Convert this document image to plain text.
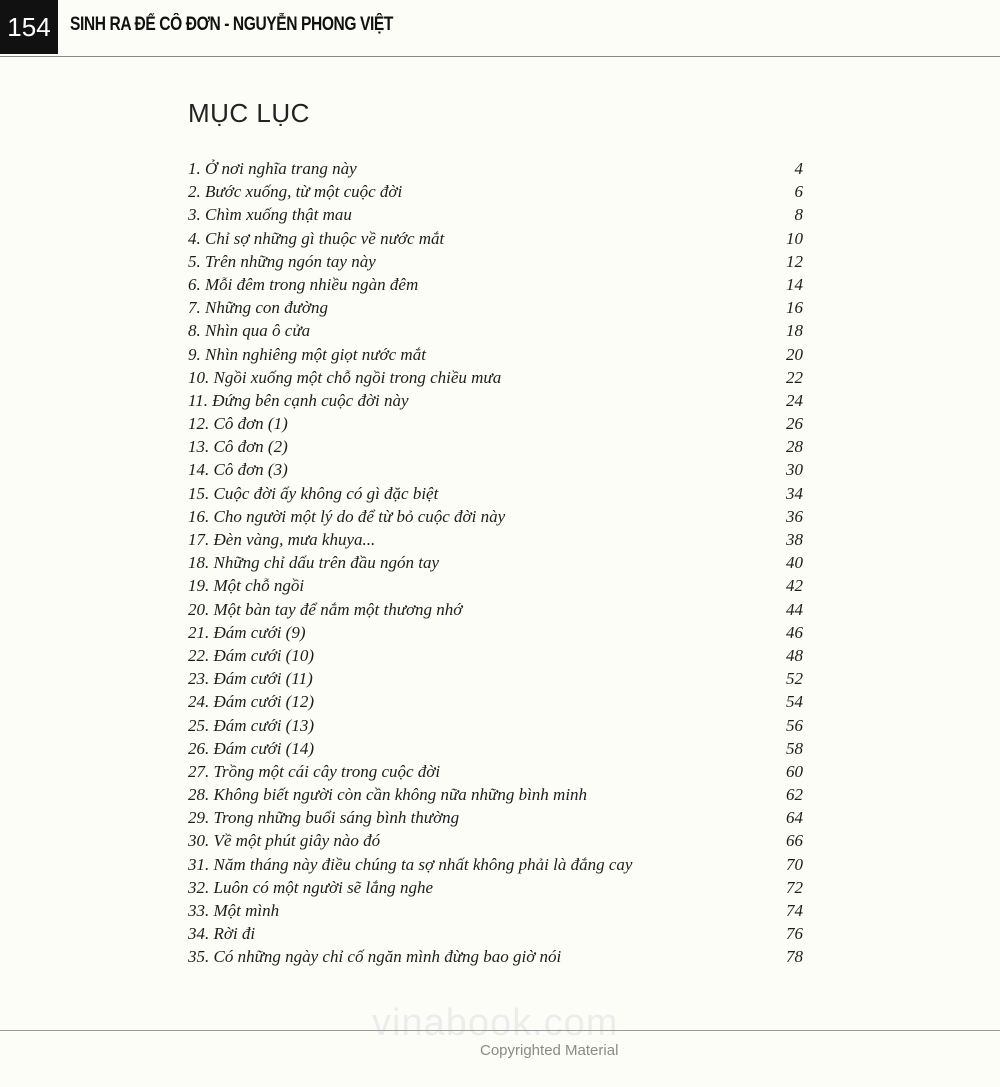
154	SINH RA ĐỂ CÔ ĐƠN - NGUYỄN PHONG VIỆT
MỤC LỤC
1. Ở nơi nghĩa trang này	4
2. Bước xuống, từ một cuộc đời	6
3. Chìm xuống thật mau	8
4. Chỉ sợ những gì thuộc về nước mắt	10
5. Trên những ngón tay này	12
6. Mỗi đêm trong nhiều ngàn đêm	14
7. Những con đường	16
8. Nhìn qua ô cửa	18
9. Nhìn nghiêng một giọt nước mắt	20
10. Ngồi xuống một chỗ ngồi trong chiều mưa	22
11. Đứng bên cạnh cuộc đời này	24
12. Cô đơn (1)	26
13. Cô đơn (2)	28
14. Cô đơn (3)	30
15. Cuộc đời ấy không có gì đặc biệt	34
16. Cho người một lý do để từ bỏ cuộc đời này	36
17. Đèn vàng, mưa khuya...	38
18. Những chỉ dấu trên đầu ngón tay	40
19. Một chỗ ngồi	42
20. Một bàn tay để nắm một thương nhớ	44
21. Đám cưới (9)	46
22. Đám cưới (10)	48
23. Đám cưới (11)	52
24. Đám cưới (12)	54
25. Đám cưới (13)	56
26. Đám cưới (14)	58
27. Trồng một cái cây trong cuộc đời	60
28. Không biết người còn cần không nữa những bình minh	62
29. Trong những buổi sáng bình thường	64
30. Về một phút giây nào đó	66
31. Năm tháng này điều chúng ta sợ nhất không phải là đắng cay	70
32. Luôn có một người sẽ lắng nghe	72
33. Một mình	74
34. Rời đi	76
35. Có những ngày chỉ cố ngăn mình đừng bao giờ nói	78
vinabook.com
Copyrighted Material
